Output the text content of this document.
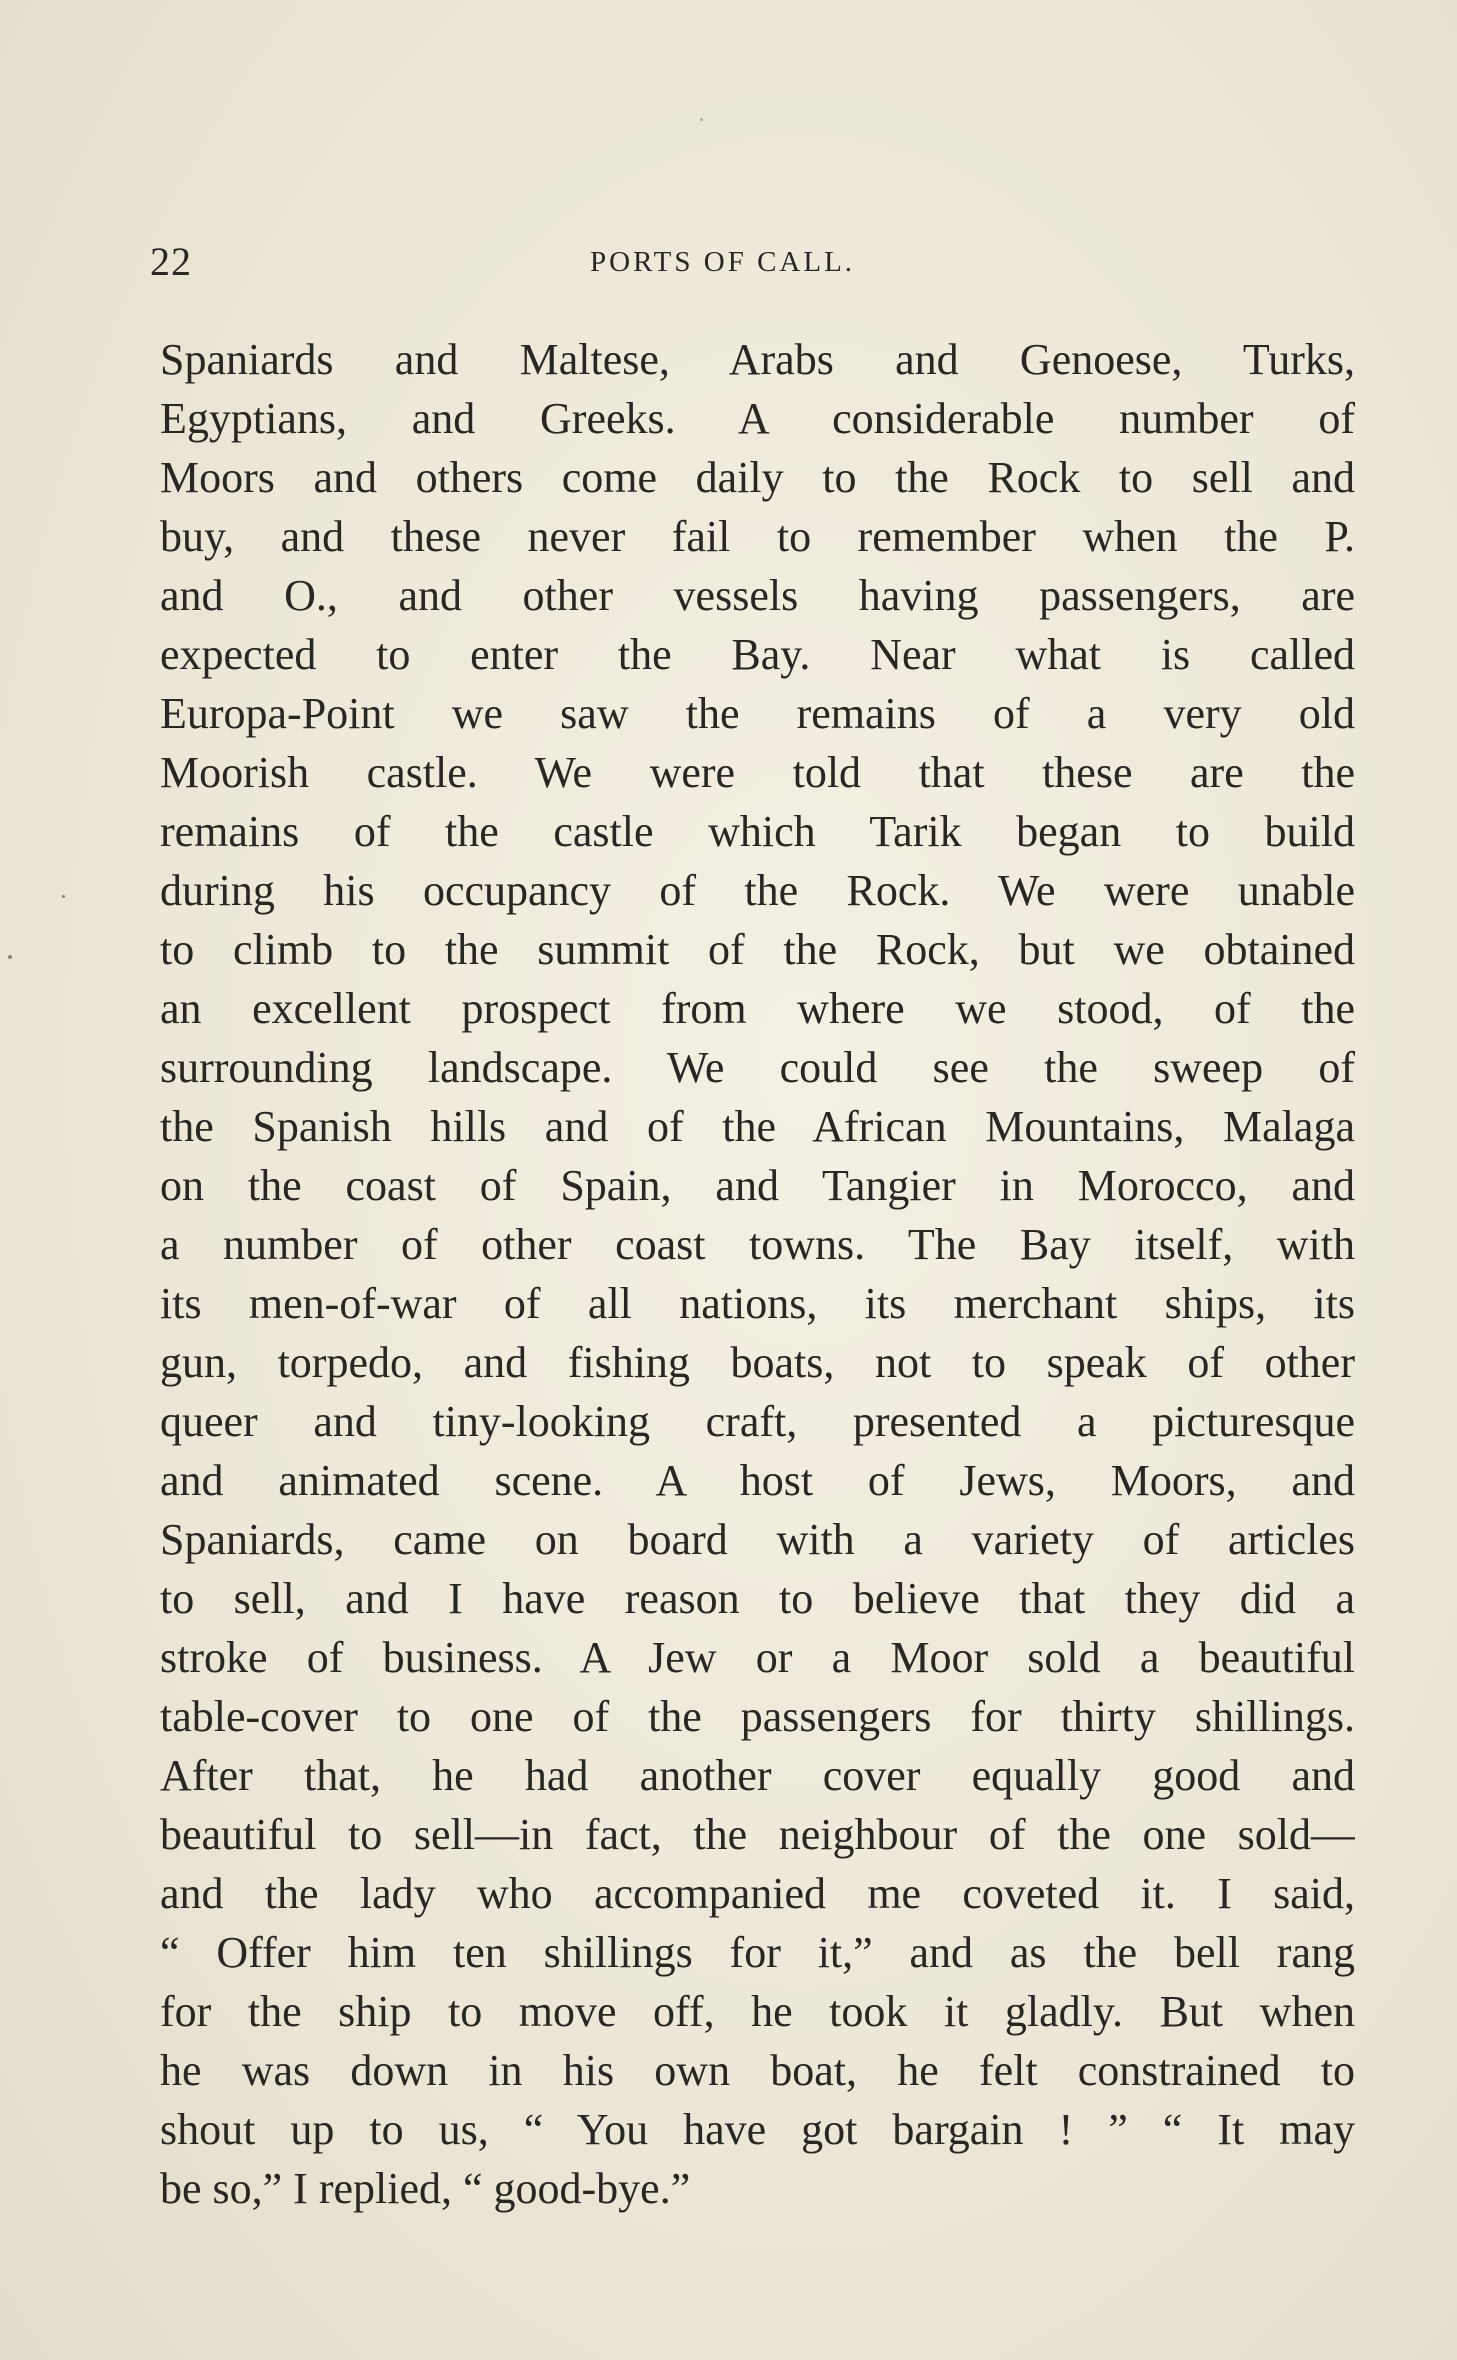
22	PORTS OF CALL.
Spaniards and Maltese, Arabs and Genoese, Turks,
Egyptians, and Greeks. A considerable number of
Moors and others come daily to the Rock to sell and
buy, and these never fail to remember when the P.
and O., and other vessels having passengers, are
expected to enter the Bay. Near what is called
Europa-Point we saw the remains of a very old
Moorish castle. We were told that these are the
remains of the castle which Tarik began to build
during his occupancy of the Rock. We were unable
to climb to the summit of the Rock, but we obtained
an excellent prospect from where we stood, of the
surrounding landscape. We could see the sweep of
the Spanish hills and of the African Mountains, Malaga
on the coast of Spain, and Tangier in Morocco, and
a number of other coast towns. The Bay itself, with
its men-of-war of all nations, its merchant ships, its
gun, torpedo, and fishing boats, not to speak of other
queer and tiny-looking craft, presented a picturesque
and animated scene. A host of Jews, Moors, and
Spaniards, came on board with a variety of articles
to sell, and I have reason to believe that they did a
stroke of business. A Jew or a Moor sold a beautiful
table-cover to one of the passengers for thirty shillings.
After that, he had another cover equally good and
beautiful to sell—in fact, the neighbour of the one sold—
and the lady who accompanied me coveted it. I said,
“ Offer him ten shillings for it,” and as the bell rang
for the ship to move off, he took it gladly. But when
he was down in his own boat, he felt constrained to
shout up to us, “ You have got bargain ! ” “ It may
be so,” I replied, “ good-bye.”
